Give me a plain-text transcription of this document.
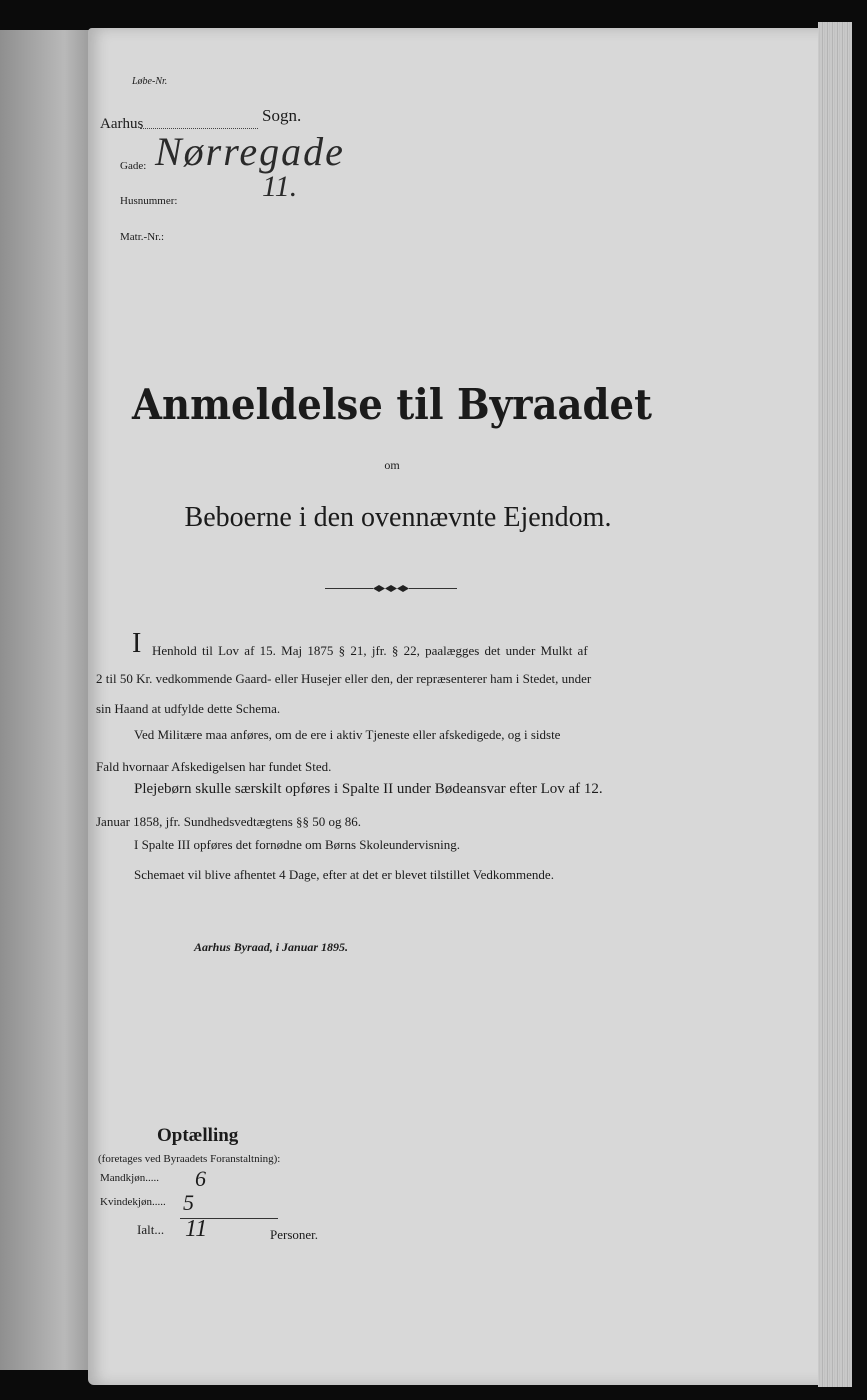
Løbe-Nr.
Aarhus	Sogn.
Gade: Nørregade
Husnummer:	11.
Matr.-Nr.:
Anmeldelse til Byraadet
om
Beboerne i den ovennævnte Ejendom.
I Henhold til Lov af 15. Maj 1875 § 21, jfr. § 22, paalægges det under Mulkt af
2 til 50 Kr. vedkommende Gaard- eller Husejer eller den, der repræsenterer ham i Stedet, under
sin Haand at udfylde dette Schema.
Ved Militære maa anføres, om de ere i aktiv Tjeneste eller afskedigede, og i sidste
Fald hvornaar Afskedigelsen har fundet Sted.
Plejebørn skulle særskilt opføres i Spalte II under Bødeansvar efter Lov af 12.
Januar 1858, jfr. Sundhedsvedtægtens §§ 50 og 86.
I Spalte III opføres det fornødne om Børns Skoleundervisning.
Schemaet vil blive afhentet 4 Dage, efter at det er blevet tilstillet Vedkommende.
Aarhus Byraad, i Januar 1895.
Optælling
(foretages ved Byraadets Foranstaltning):
Mandkjøn..... 6
Kvindekjøn..... 5
Ialt... 11	Personer.
